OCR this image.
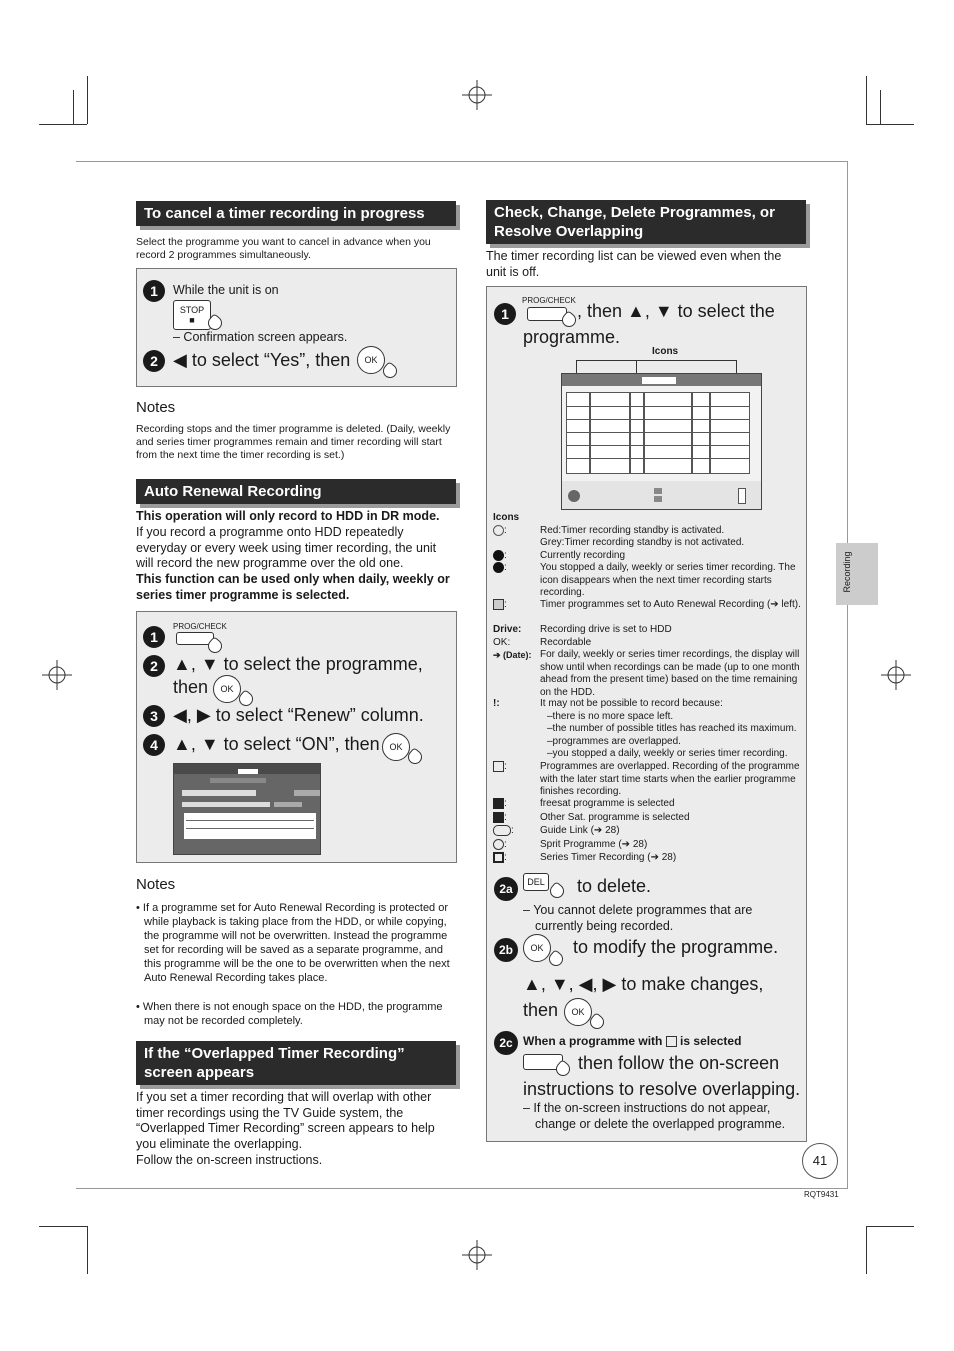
Recording
To cancel a timer recording in progress
Select the programme you want to cancel in advance when you record 2 programmes simultaneously.
1	While the unit is on
STOP
■
– Confirmation screen appears.
2 ◀ to select “Yes”, then	OK
Notes
Recording stops and the timer programme is deleted. (Daily, weekly and series timer programmes remain and timer recording will start from the next time the timer recording is set.)
Auto Renewal Recording
This operation will only record to HDD in DR mode.
If you record a programme onto HDD repeatedly everyday or every week using timer recording, the unit will record the new programme over the old one.
This function can be used only when daily, weekly or series timer programme is selected.
1
PROG/CHECK
2 ▲, ▼ to select the programme,
then	OK
3 ◀, ▶ to select “Renew” column.
4 ▲, ▼ to select “ON”, then	OK
Notes
• If a programme set for Auto Renewal Recording is protected or while playback is taking place from the HDD, or while copying, the programme will not be overwritten. Instead the programme set for recording will be saved as a separate programme, and this programme will be the one to be overwritten when the next Auto Renewal Recording takes place.
• When there is not enough space on the HDD, the programme may not be recorded completely.
If the “Overlapped Timer Recording” screen appears
If you set a timer recording that will overlap with other timer recordings using the TV Guide system, the “Overlapped Timer Recording” screen appears to help you eliminate the overlapping.
Follow the on-screen instructions.
Check, Change, Delete Programmes, or Resolve Overlapping
The timer recording list can be viewed even when the unit is off.
1
PROG/CHECK
, then ▲, ▼ to select the
programme.
Icons
Icons
:	Red:Timer recording standby is activated.
Grey:Timer recording standby is not activated.
:	Currently recording
:	You stopped a daily, weekly or series timer recording. The icon disappears when the next timer recording starts recording.
:	Timer programmes set to Auto Renewal Recording (➔ left).
Drive: Recording drive is set to HDD
OK:	Recordable
➔ (Date): For daily, weekly or series timer recordings, the display will show until when recordings can be made (up to one month ahead from the present time) based on the time remaining on the HDD.
!:	It may not be possible to record because:
–there is no more space left.
–the number of possible titles has reached its maximum.
–programmes are overlapped.
–you stopped a daily, weekly or series timer recording.
:	Programmes are overlapped. Recording of the programme with the later start time starts when the earlier programme finishes recording.
:	freesat programme is selected
:	Other Sat. programme is selected
:	Guide Link (➔ 28)
:	Sprit Programme (➔ 28)
:	Series Timer Recording (➔ 28)
2a	DEL to delete.
– You cannot delete programmes that are currently being recorded.
2b	OK	to modify the programme.
▲, ▼, ◀, ▶ to make changes,
then	OK
2c When a programme with is selected
then follow the on-screen
instructions to resolve overlapping.
– If the on-screen instructions do not appear, change or delete the overlapped programme.
41
RQT9431
